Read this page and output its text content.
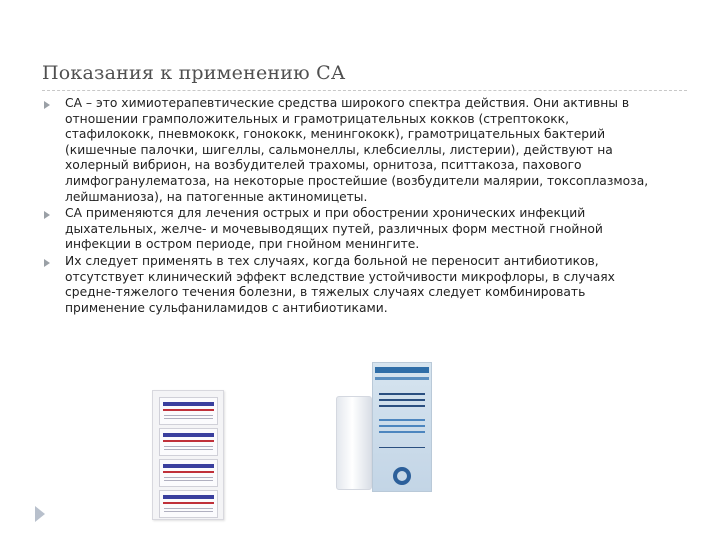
Показания к применению СА
СА – это химиотерапевтические средства широкого спектра действия. Они активны в отношении грамположительных и грамотрицательных кокков (стрептококк, стафилококк, пневмококк, гонококк, менингококк), грамотрицательных бактерий (кишечные палочки, шигеллы, сальмонеллы, клебсиеллы, листерии), действуют на холерный вибрион, на возбудителей трахомы, орнитоза, пситтакоза, пахового лимфогранулематоза, на некоторые простейшие (возбудители малярии, токсоплазмоза, лейшманиоза), на патогенные актиномицеты.
СА применяются для лечения острых и при обострении хронических инфекций дыхательных, желче- и мочевыводящих путей, различных форм местной гнойной инфекции в остром периоде, при гнойном менингите.
Их следует применять в тех случаях, когда больной не переносит антибиотиков, отсутствует клинический эффект вследствие устойчивости микрофлоры, в случаях средне-тяжелого течения болезни, в тяжелых случаях следует комбинировать применение сульфаниламидов с антибиотиками.
